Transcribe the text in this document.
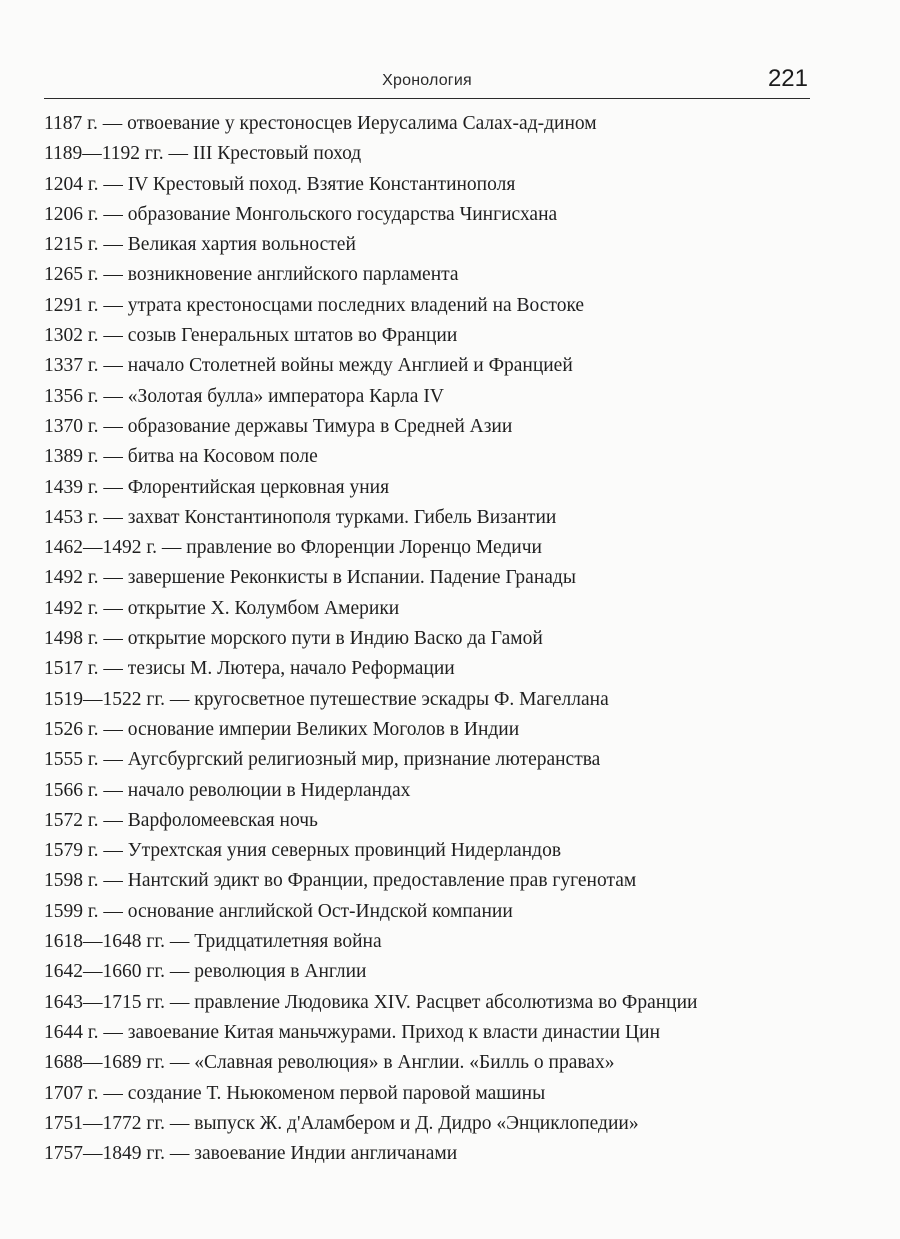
Хронология	221
1187 г. — отвоевание у крестоносцев Иерусалима Салах-ад-дином
1189—1192 гг. — III Крестовый поход
1204 г. — IV Крестовый поход. Взятие Константинополя
1206 г. — образование Монгольского государства Чингисхана
1215 г. — Великая хартия вольностей
1265 г. — возникновение английского парламента
1291 г. — утрата крестоносцами последних владений на Востоке
1302 г. — созыв Генеральных штатов во Франции
1337 г. — начало Столетней войны между Англией и Францией
1356 г. — «Золотая булла» императора Карла IV
1370 г. — образование державы Тимура в Средней Азии
1389 г. — битва на Косовом поле
1439 г. — Флорентийская церковная уния
1453 г. — захват Константинополя турками. Гибель Византии
1462—1492 г. — правление во Флоренции Лоренцо Медичи
1492 г. — завершение Реконкисты в Испании. Падение Гранады
1492 г. — открытие Х. Колумбом Америки
1498 г. — открытие морского пути в Индию Васко да Гамой
1517 г. — тезисы М. Лютера, начало Реформации
1519—1522 гг. — кругосветное путешествие эскадры Ф. Магеллана
1526 г. — основание империи Великих Моголов в Индии
1555 г. — Аугсбургский религиозный мир, признание лютеранства
1566 г. — начало революции в Нидерландах
1572 г. — Варфоломеевская ночь
1579 г. — Утрехтская уния северных провинций Нидерландов
1598 г. — Нантский эдикт во Франции, предоставление прав гугенотам
1599 г. — основание английской Ост-Индской компании
1618—1648 гг. — Тридцатилетняя война
1642—1660 гг. — революция в Англии
1643—1715 гг. — правление Людовика XIV. Расцвет абсолютизма во Франции
1644 г. — завоевание Китая маньчжурами. Приход к власти династии Цин
1688—1689 гг. — «Славная революция» в Англии. «Билль о правах»
1707 г. — создание Т. Ньюкоменом первой паровой машины
1751—1772 гг. — выпуск Ж. д'Аламбером и Д. Дидро «Энциклопедии»
1757—1849 гг. — завоевание Индии англичанами
